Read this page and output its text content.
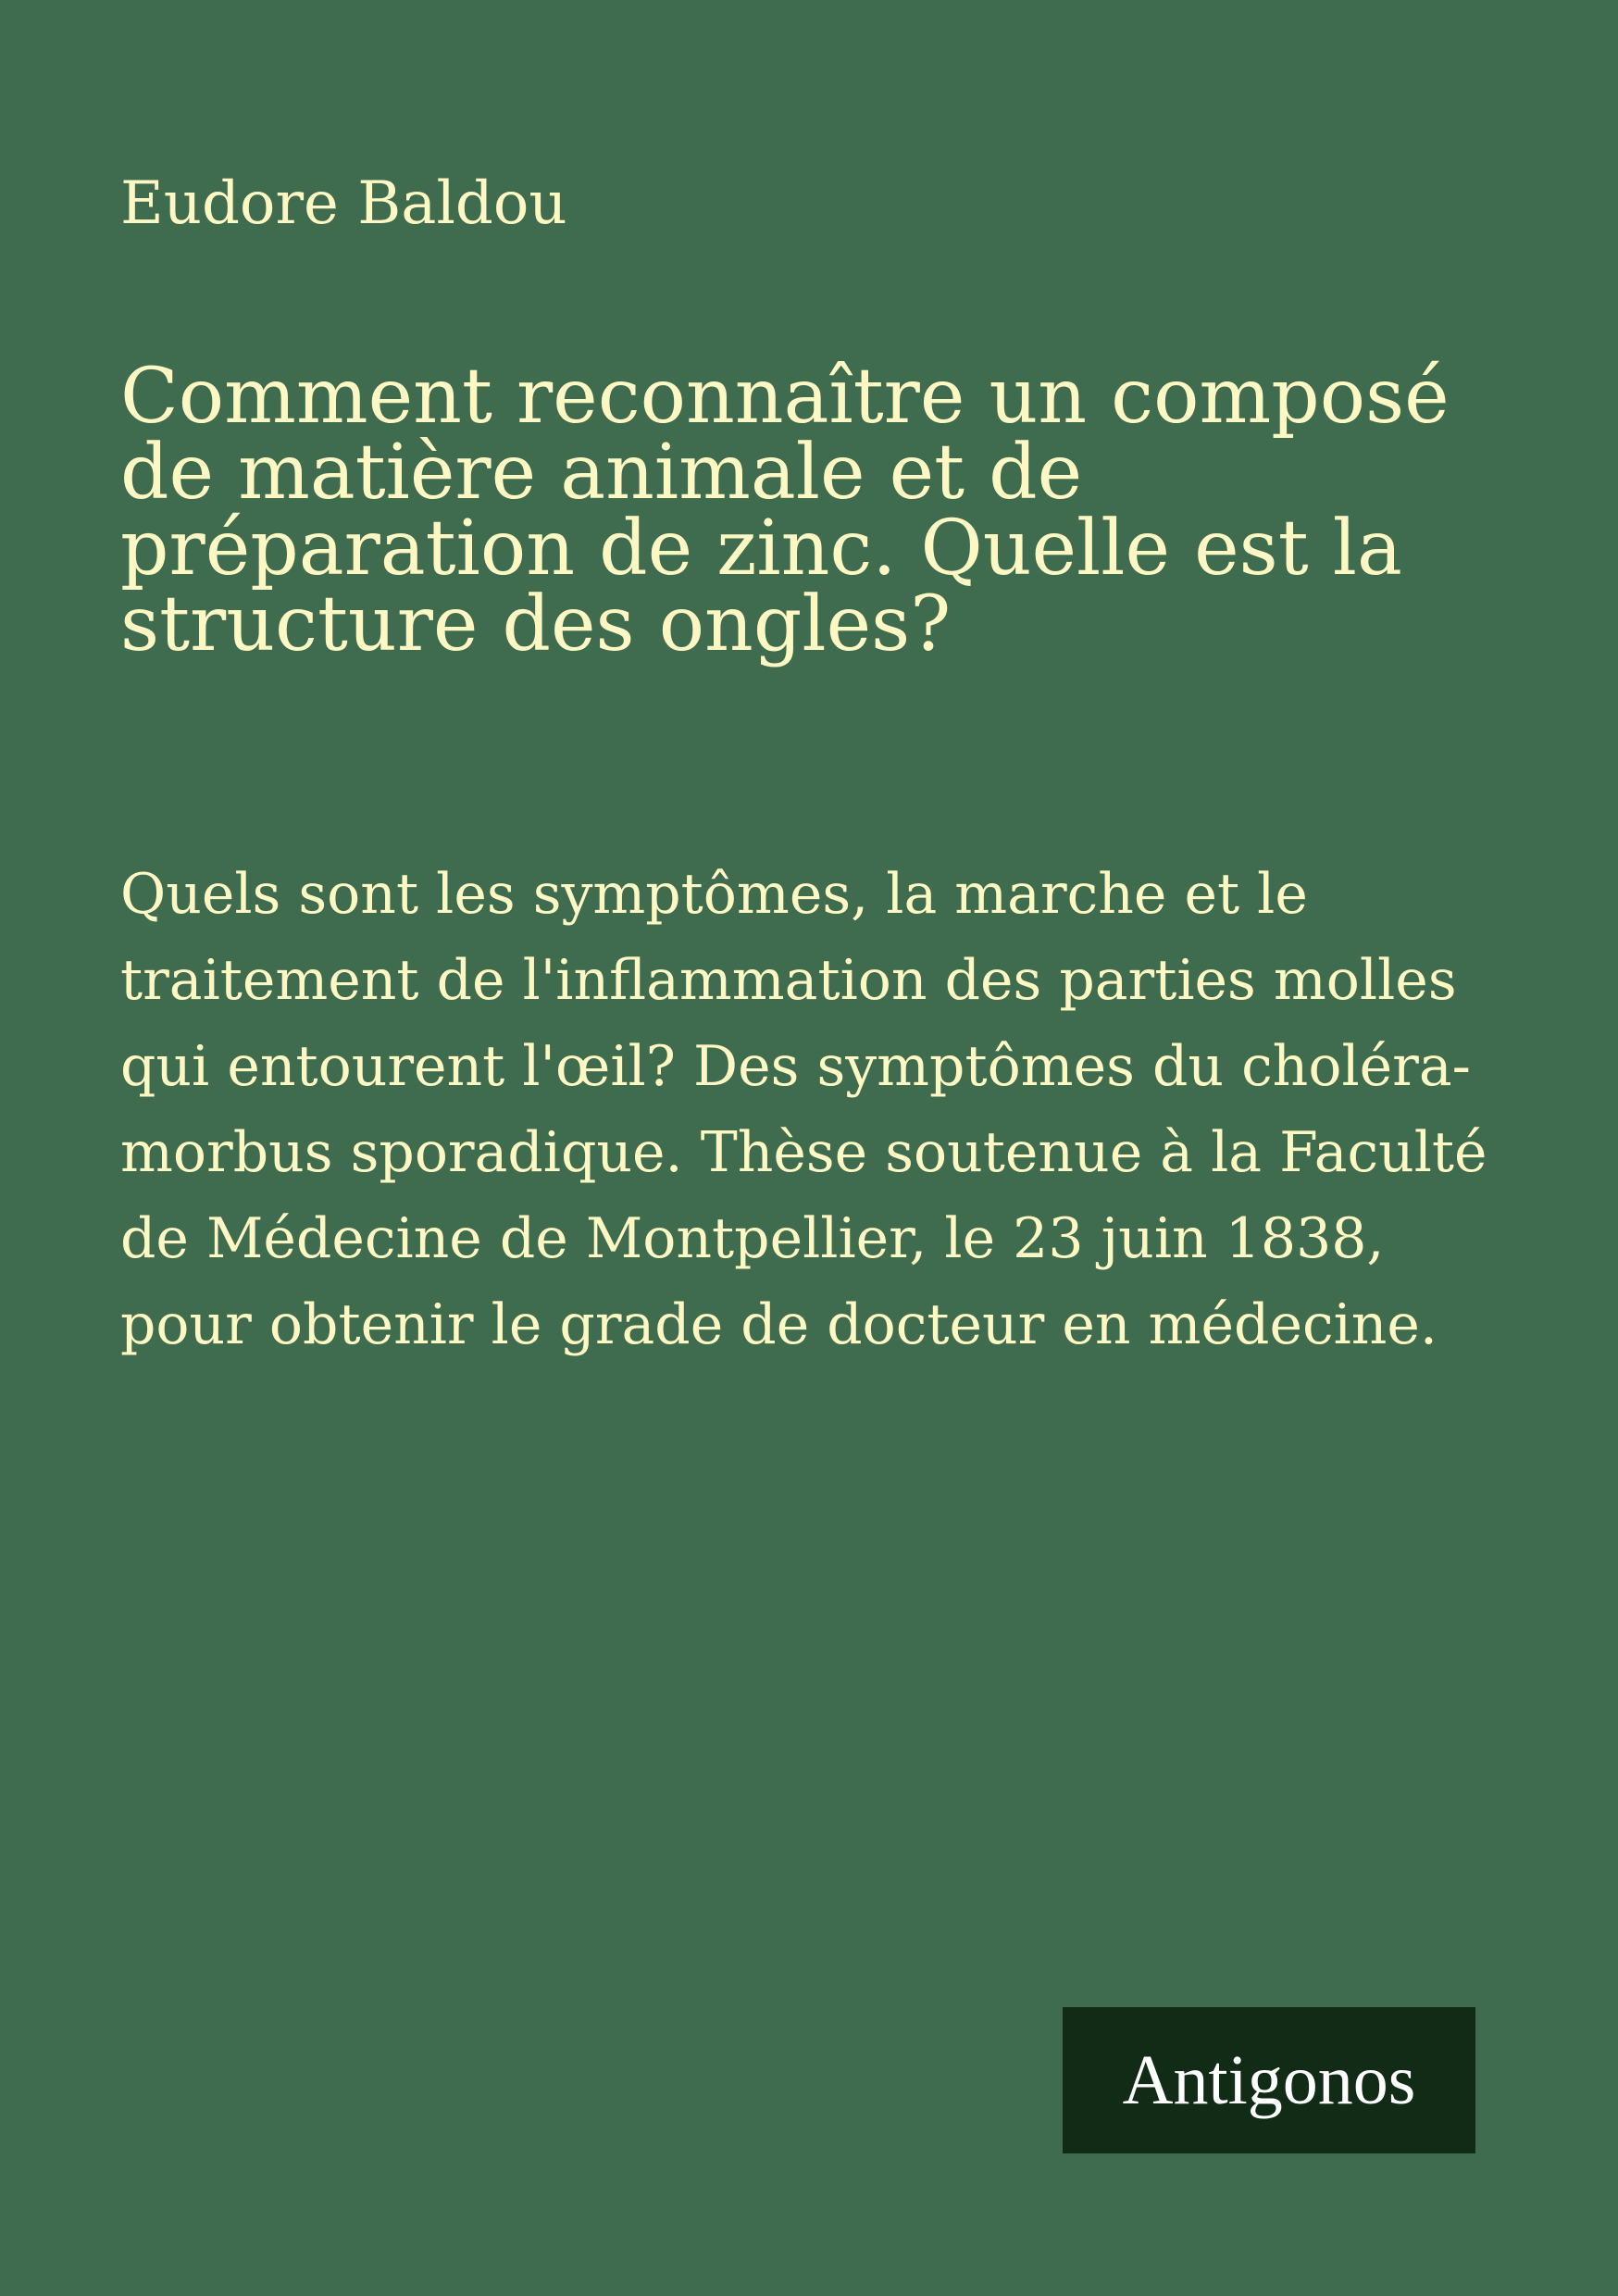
Eudore Baldou
Comment reconnaître un composé de matière animale et de préparation de zinc. Quelle est la structure des ongles?

Quels sont les symptômes, la marche et le traitement de l'inflammation des parties molles qui entourent l'œil? Des symptômes du choléra-morbus sporadique. Thèse soutenue à la Faculté de Médecine de Montpellier, le 23 juin 1838, pour obtenir le grade de docteur en médecine.

Antigonos
